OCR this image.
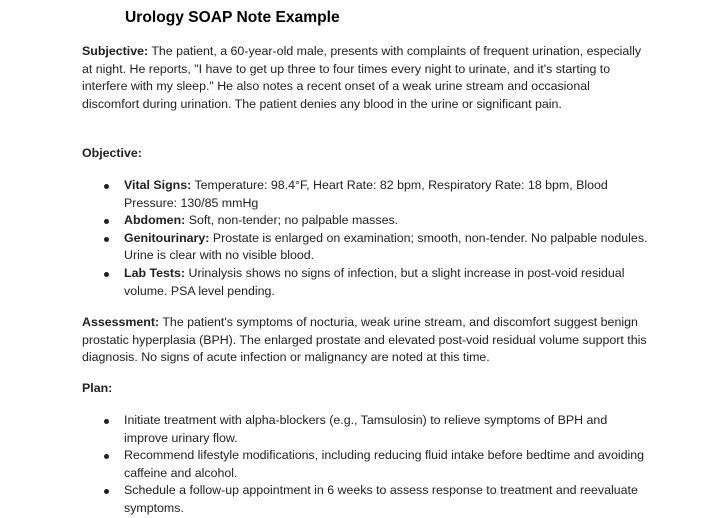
Urology SOAP Note Example

Subjective: The patient, a 60-year-old male, presents with complaints of frequent urination, especially at night. He reports, "I have to get up three to four times every night to urinate, and it's starting to interfere with my sleep." He also notes a recent onset of a weak urine stream and occasional discomfort during urination. The patient denies any blood in the urine or significant pain.

Objective:

Vital Signs: Temperature: 98.4°F, Heart Rate: 82 bpm, Respiratory Rate: 18 bpm, Blood Pressure: 130/85 mmHg
Abdomen: Soft, non-tender; no palpable masses.
Genitourinary: Prostate is enlarged on examination; smooth, non-tender. No palpable nodules. Urine is clear with no visible blood.
Lab Tests: Urinalysis shows no signs of infection, but a slight increase in post-void residual volume. PSA level pending.

Assessment: The patient's symptoms of nocturia, weak urine stream, and discomfort suggest benign prostatic hyperplasia (BPH). The enlarged prostate and elevated post-void residual volume support this diagnosis. No signs of acute infection or malignancy are noted at this time.

Plan:

Initiate treatment with alpha-blockers (e.g., Tamsulosin) to relieve symptoms of BPH and improve urinary flow.
Recommend lifestyle modifications, including reducing fluid intake before bedtime and avoiding caffeine and alcohol.
Schedule a follow-up appointment in 6 weeks to assess response to treatment and reevaluate symptoms.
